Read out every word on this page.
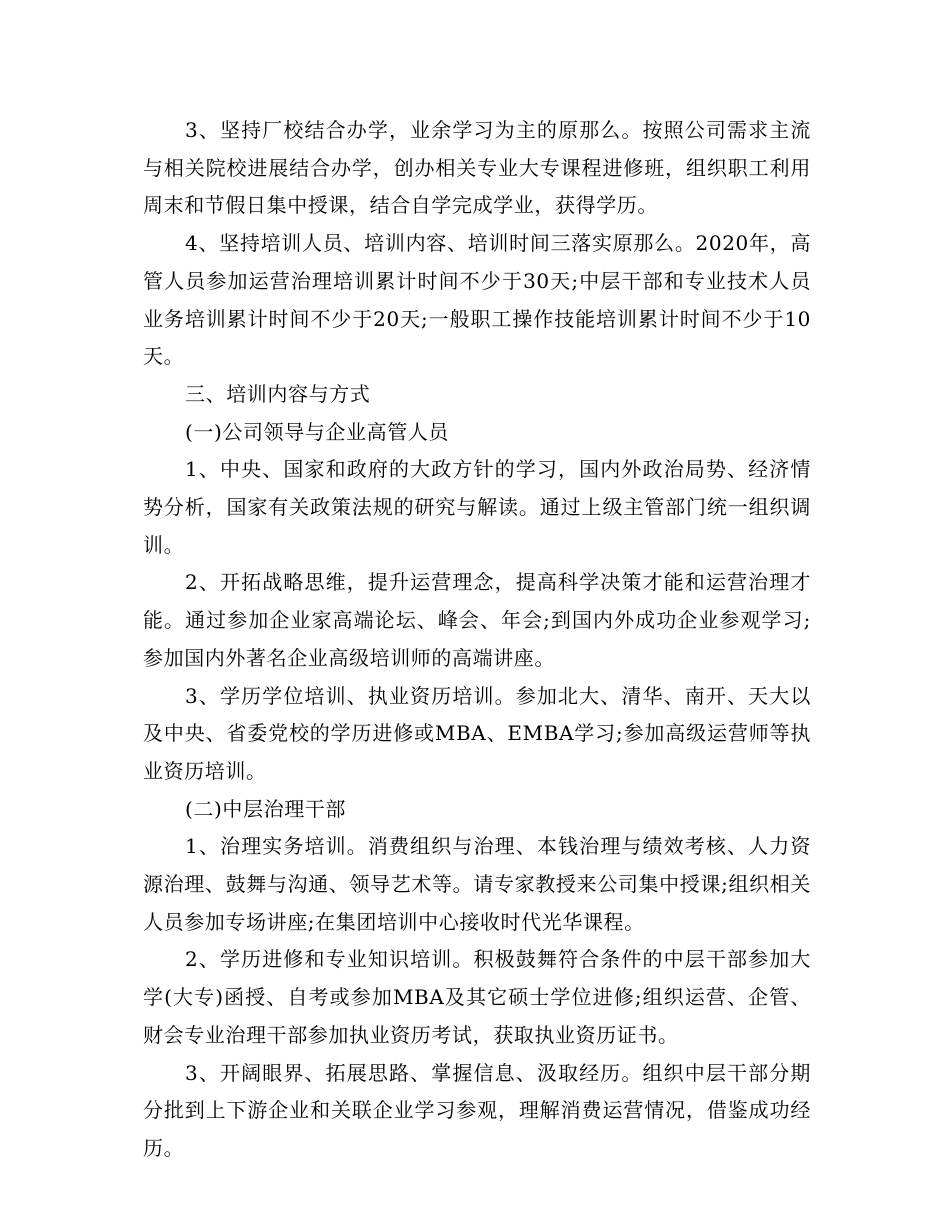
3、坚持厂校结合办学，业余学习为主的原那么。按照公司需求主流与相关院校进展结合办学，创办相关专业大专课程进修班，组织职工利用周末和节假日集中授课，结合自学完成学业，获得学历。

4、坚持培训人员、培训内容、培训时间三落实原那么。2020年，高管人员参加运营治理培训累计时间不少于30天;中层干部和专业技术人员业务培训累计时间不少于20天;一般职工操作技能培训累计时间不少于10天。

三、培训内容与方式

(一)公司领导与企业高管人员

1、中央、国家和政府的大政方针的学习，国内外政治局势、经济情势分析，国家有关政策法规的研究与解读。通过上级主管部门统一组织调训。

2、开拓战略思维，提升运营理念，提高科学决策才能和运营治理才能。通过参加企业家高端论坛、峰会、年会;到国内外成功企业参观学习;参加国内外著名企业高级培训师的高端讲座。

3、学历学位培训、执业资历培训。参加北大、清华、南开、天大以及中央、省委党校的学历进修或MBA、EMBA学习;参加高级运营师等执业资历培训。

(二)中层治理干部

1、治理实务培训。消费组织与治理、本钱治理与绩效考核、人力资源治理、鼓舞与沟通、领导艺术等。请专家教授来公司集中授课;组织相关人员参加专场讲座;在集团培训中心接收时代光华课程。

2、学历进修和专业知识培训。积极鼓舞符合条件的中层干部参加大学(大专)函授、自考或参加MBA及其它硕士学位进修;组织运营、企管、财会专业治理干部参加执业资历考试，获取执业资历证书。

3、开阔眼界、拓展思路、掌握信息、汲取经历。组织中层干部分期分批到上下游企业和关联企业学习参观，理解消费运营情况，借鉴成功经历。
